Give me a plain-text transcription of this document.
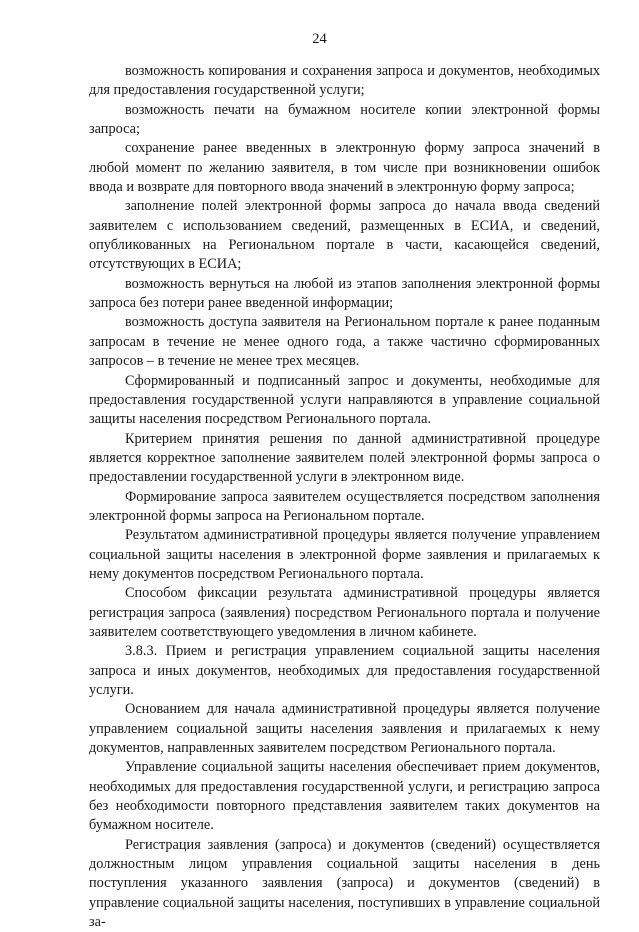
24

возможность копирования и сохранения запроса и документов, необходимых для предоставления государственной услуги;

возможность печати на бумажном носителе копии электронной формы запроса;

сохранение ранее введенных в электронную форму запроса значений в любой момент по желанию заявителя, в том числе при возникновении ошибок ввода и возврате для повторного ввода значений в электронную форму запроса;

заполнение полей электронной формы запроса до начала ввода сведений заявителем с использованием сведений, размещенных в ЕСИА, и сведений, опубликованных на Региональном портале в части, касающейся сведений, отсутствующих в ЕСИА;

возможность вернуться на любой из этапов заполнения электронной формы запроса без потери ранее введенной информации;

возможность доступа заявителя на Региональном портале к ранее поданным запросам в течение не менее одного года, а также частично сформированных запросов – в течение не менее трех месяцев.

Сформированный и подписанный запрос и документы, необходимые для предоставления государственной услуги направляются в управление социальной защиты населения посредством Регионального портала.

Критерием принятия решения по данной административной процедуре является корректное заполнение заявителем полей электронной формы запроса о предоставлении государственной услуги в электронном виде.

Формирование запроса заявителем осуществляется посредством заполнения электронной формы запроса на Региональном портале.

Результатом административной процедуры является получение управлением социальной защиты населения в электронной форме заявления и прилагаемых к нему документов посредством Регионального портала.

Способом фиксации результата административной процедуры является регистрация запроса (заявления) посредством Регионального портала и получение заявителем соответствующего уведомления в личном кабинете.

3.8.3. Прием и регистрация управлением социальной защиты населения запроса и иных документов, необходимых для предоставления государственной услуги.

Основанием для начала административной процедуры является получение управлением социальной защиты населения заявления и прилагаемых к нему документов, направленных заявителем посредством Регионального портала.

Управление социальной защиты населения обеспечивает прием документов, необходимых для предоставления государственной услуги, и регистрацию запроса без необходимости повторного представления заявителем таких документов на бумажном носителе.

Регистрация заявления (запроса) и документов (сведений) осуществляется должностным лицом управления социальной защиты населения в день поступления указанного заявления (запроса) и документов (сведений) в управление социальной защиты населения, поступивших в управление социальной за-
